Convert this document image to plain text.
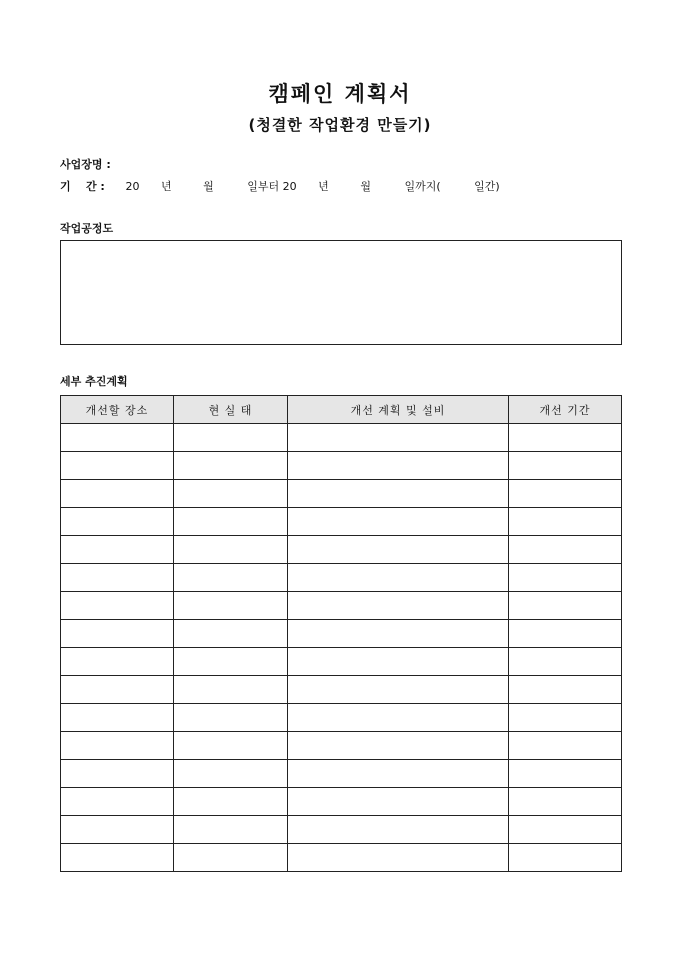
캠페인 계획서
(청결한 작업환경 만들기)
사업장명 :
기    간 : 20 년	월	일부터 20 년	월	일까지(	일간)
작업공정도
세부 추진계획
개선할 장소	현 실 태	개선 계획 및 설비	개선 기간
